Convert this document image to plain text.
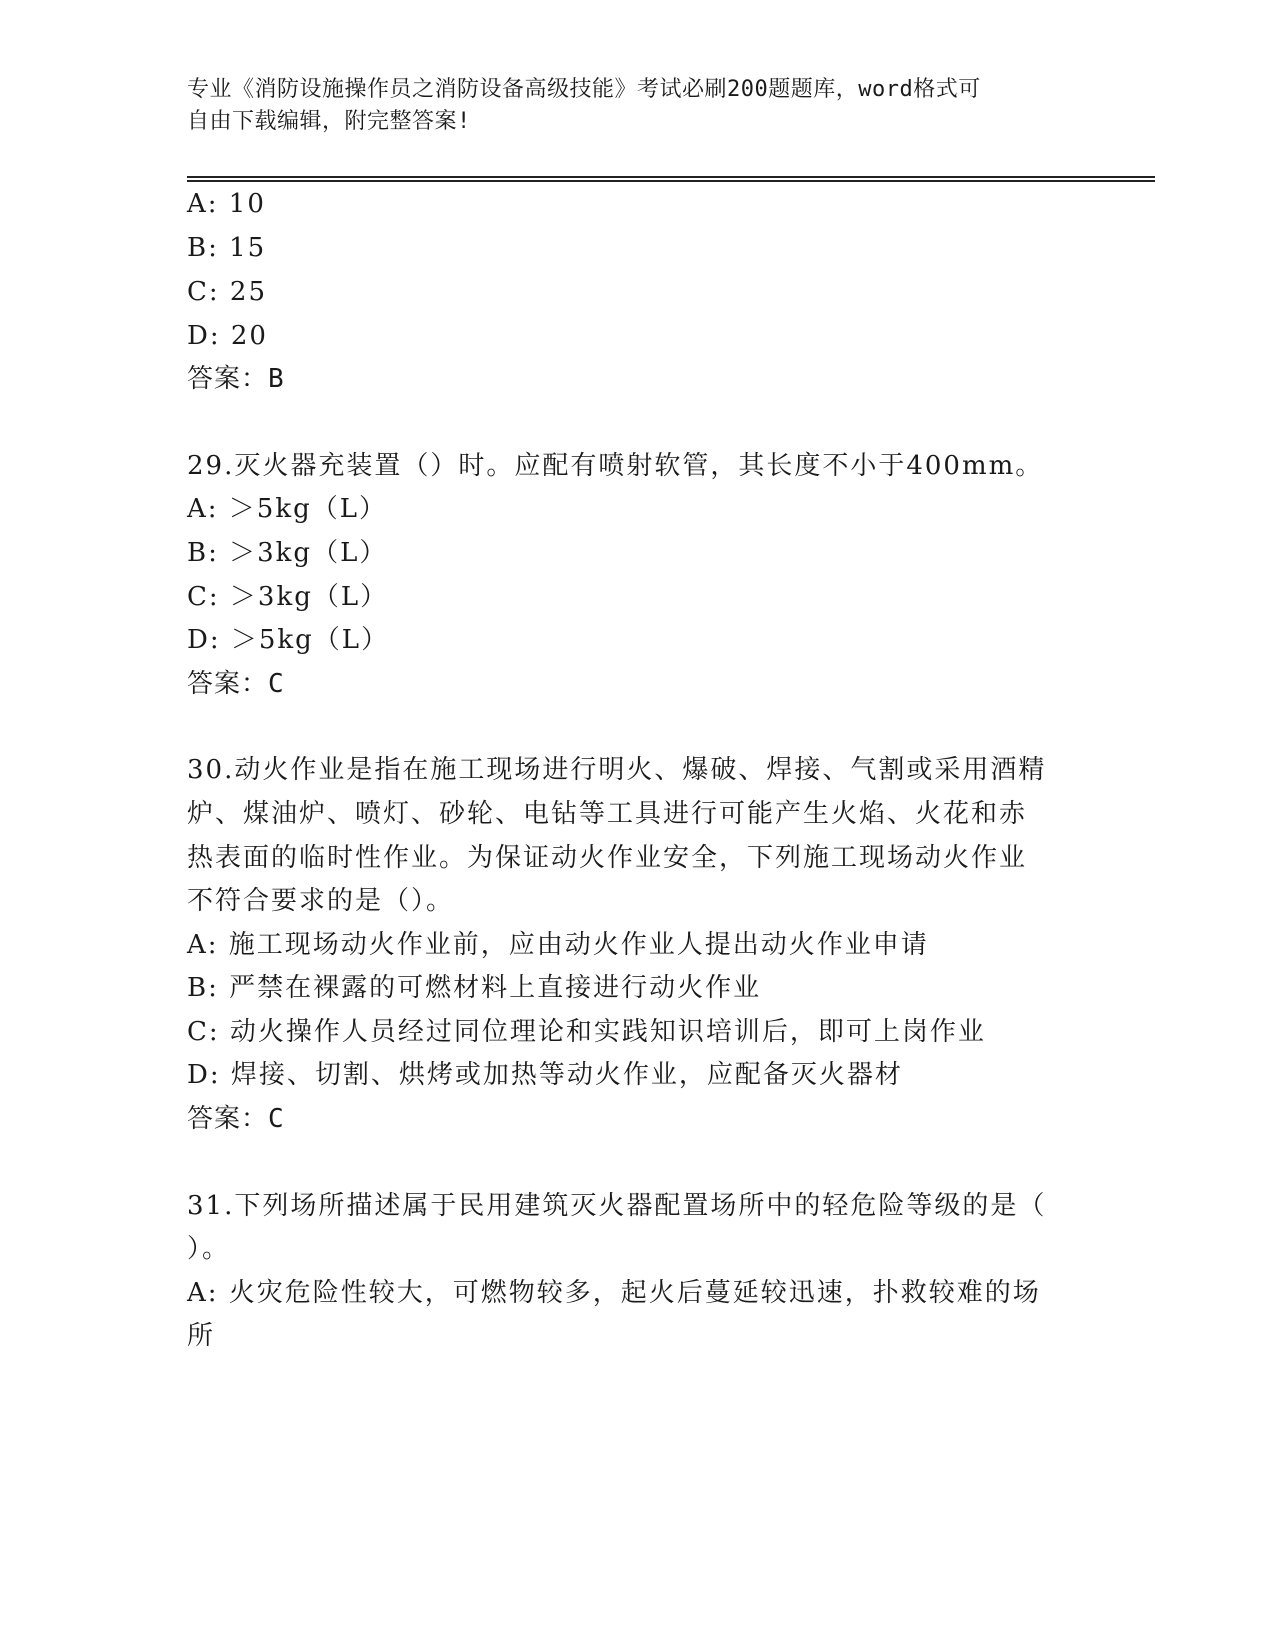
专业《消防设施操作员之消防设备高级技能》考试必刷200题题库，word格式可
自由下载编辑，附完整答案!
A: 10
B: 15
C: 25
D: 20
答案：B
29.灭火器充装置（）时。应配有喷射软管，其长度不小于400mm。
A: ＞5kg（L）
B: ＞3kg（L）
C: ＞3kg（L）
D: ＞5kg（L）
答案：C
30.动火作业是指在施工现场进行明火、爆破、焊接、气割或采用酒精
炉、煤油炉、喷灯、砂轮、电钻等工具进行可能产生火焰、火花和赤
热表面的临时性作业。为保证动火作业安全，下列施工现场动火作业
不符合要求的是（）。
A: 施工现场动火作业前，应由动火作业人提出动火作业申请
B: 严禁在裸露的可燃材料上直接进行动火作业
C: 动火操作人员经过同位理论和实践知识培训后，即可上岗作业
D: 焊接、切割、烘烤或加热等动火作业，应配备灭火器材
答案：C
31.下列场所描述属于民用建筑灭火器配置场所中的轻危险等级的是（
）。
A: 火灾危险性较大，可燃物较多，起火后蔓延较迅速，扑救较难的场
所
